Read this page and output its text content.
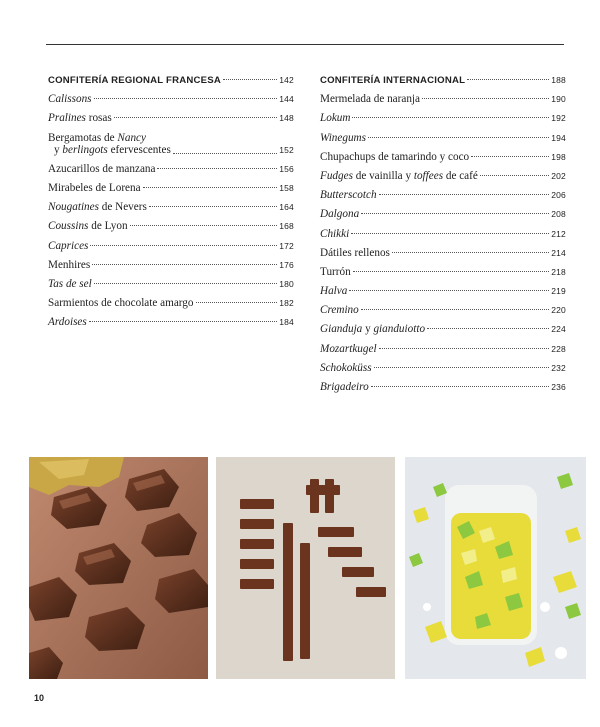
CONFITERÍA REGIONAL FRANCESA	142
Calissons	144
Pralines rosas	148
Bergamotas de Nancy
y berlingots efervescentes	152
Azucarillos de manzana	156
Mirabeles de Lorena	158
Nougatines de Nevers	164
Coussins de Lyon	168
Caprices	172
Menhires	176
Tas de sel	180
Sarmientos de chocolate amargo	182
Ardoises	184
CONFITERÍA INTERNACIONAL	188
Mermelada de naranja	190
Lokum	192
Winegums	194
Chupachups de tamarindo y coco	198
Fudges de vainilla y toffees de café	202
Butterscotch	206
Dalgona	208
Chikki	212
Dátiles rellenos	214
Turrón	218
Halva	219
Cremino	220
Gianduja y gianduiotto	224
Mozartkugel	228
Schokoküss	232
Brigadeiro	236
10
